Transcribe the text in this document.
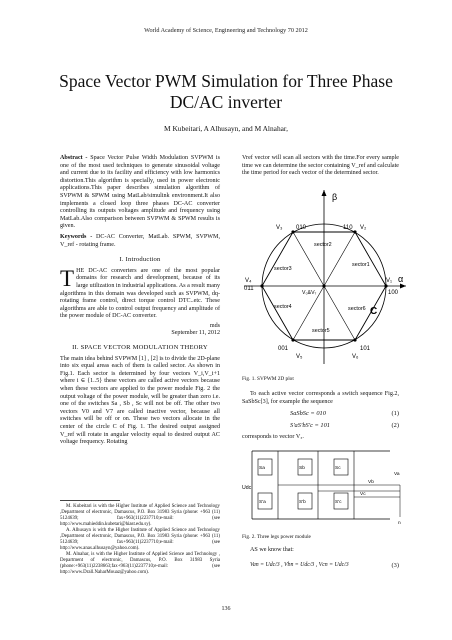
World Academy of Science, Engineering and Technology 70 2012
Space Vector PWM Simulation for Three Phase
DC/AC inverter
M Kubeitari, A Alhusayn, and M Alnahar,

Abstract - Space Vector Pulse Width Modulation SVPWM is one of the most used techniques to generate sinusoidal voltage and current due to its facility and efficiency with low harmonics distortion.This algorithm is specially, used in power electronic applications.This paper describes simulation algorithm of SVPWM & SPWM using MatLab/simulink environment.It also implements a closed loop three phases DC-AC converter controlling its outputs voltages amplitude and frequency using MatLab.Also comparison between SVPWM & SPWM results is given.

Keywords - DC-AC Converter, MatLab. SPWM, SVPWM, V_ref - rotating frame.

I. Introduction

THE DC-AC converters are one of the most popular domains for research and development, because of its large utilization in industrial applications. As a result many algorithms in this domain was developed such as SVPWM, dq-rotating frame control, direct torque control DTC..etc. These algorithms are able to control output frequency and amplitude of the power module of DC-AC converter.

mds
September 11, 2012
II. SPACE VECTOR MODULATION THEORY

The main idea behind SVPWM [1] , [2] is to divide the 2D-plane into six equal areas each of them is called sector. As shown in Fig.1. Each sector is determined by four vectors V_i,V_i+1 where i ∈ {1..5} these vectors are called active vectors because when these vectors are applied to the power module Fig. 2 the output voltage of the power module, will be greater than zero i.e. one of the switches Sa , Sb , Sc will not be off. The other two vectors V0 and V7 are called inactive vector, because all switches will be off or on. These two vectors allocate in the center of the circle C of Fig. 1. The desired output assigned V_ref will rotate in angular velocity equal to desired output AC voltage frequency. Rotating

M. Kubeitari is with the Higher Institute of Applied Science and Technology ,Department of electronic, Damascus, P.O. Box 31983 Syria (phone: +963 (11) 5124639; fax+963(11)2237710;e-mail: (see http://www.mahieddin.kubetari@hiast.edu.sy).
A. Alhusayn is with the Higher Institute of Applied Science and Technology ,Department of electronic, Damascus, P.O. Box 31983 Syria (phone: +963 (11) 5124639; fax+963(11)2237710;e-mail: (see http://www.anas.alhusayn@yahoo.com).
M. Alnahar, is with the Higher Institute of Applied Science and Technology , Department of electronic, Damascus, P.O. Box 31983 Syria (phone:+963(11)2238663;fax+963(11)2237710;e-mail: (see http://www.Drall.NaharMouaz@yahoo.com).
Vref vector will scan all sectors with the time.For every sample time we can determine the sector containing V_ref and calculate the time period for each vector of the determined sector.
β
α
V₃ 010	110 V₂
V₄
011
100
V₁
V₀&V₇
001
V₅
101
V₆
C
sector1
sector2
sector3
sector4
sector5
sector6
Fig. 1. SVPWM 2D plot
To each active vector corresponds a switch sequence Fig.2, SaSbSc[3], for example the sequence
SaSbSc = 010	(1)
S'aS'bS'c = 101	(2)
corresponds to vector V₃.
Udc
Sa
S'a
Sb
S'b
Sc
S'c
Vb
Vc
Va
n
Fig. 2. Three legs power module
AS we know that:
Van = Udc/3 , Vbn = Udc/3 , Vcn = Udc/3	(3)
136
